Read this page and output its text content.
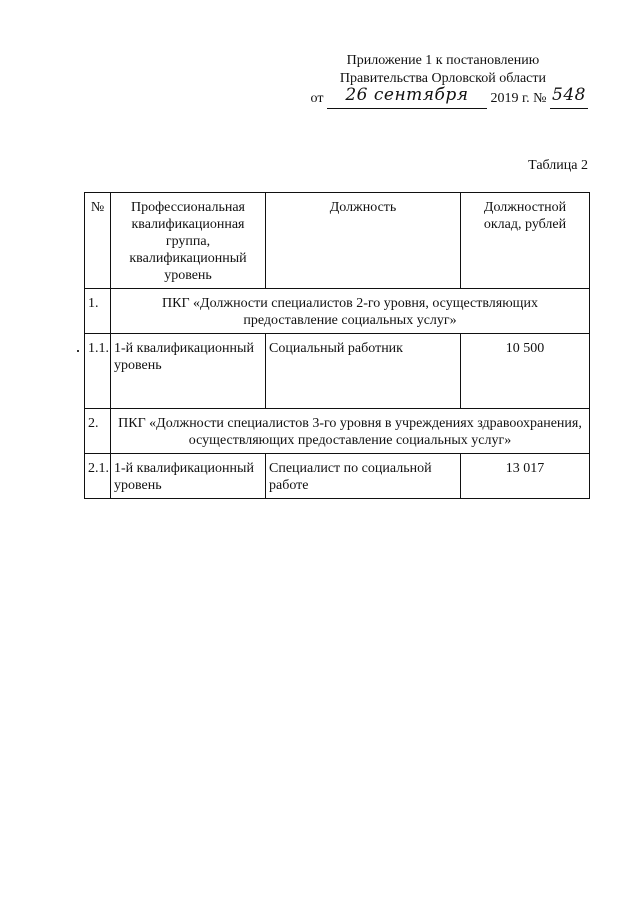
Приложение 1 к постановлению
Правительства Орловской области
от 26 сентября 2019 г. № 548
Таблица 2
№	Профессиональная квалификационная группа, квалификационный уровень	Должность	Должностной оклад, рублей
1.	ПКГ «Должности специалистов 2-го уровня, осуществляющих предоставление социальных услуг»		
1.1.	1-й квалификационный уровень	Социальный работник	10 500
2.	ПКГ «Должности специалистов 3-го уровня в учреждениях здравоохранения, осуществляющих предоставление социальных услуг»		
2.1.	1-й квалификационный уровень	Специалист по социальной работе	13 017
